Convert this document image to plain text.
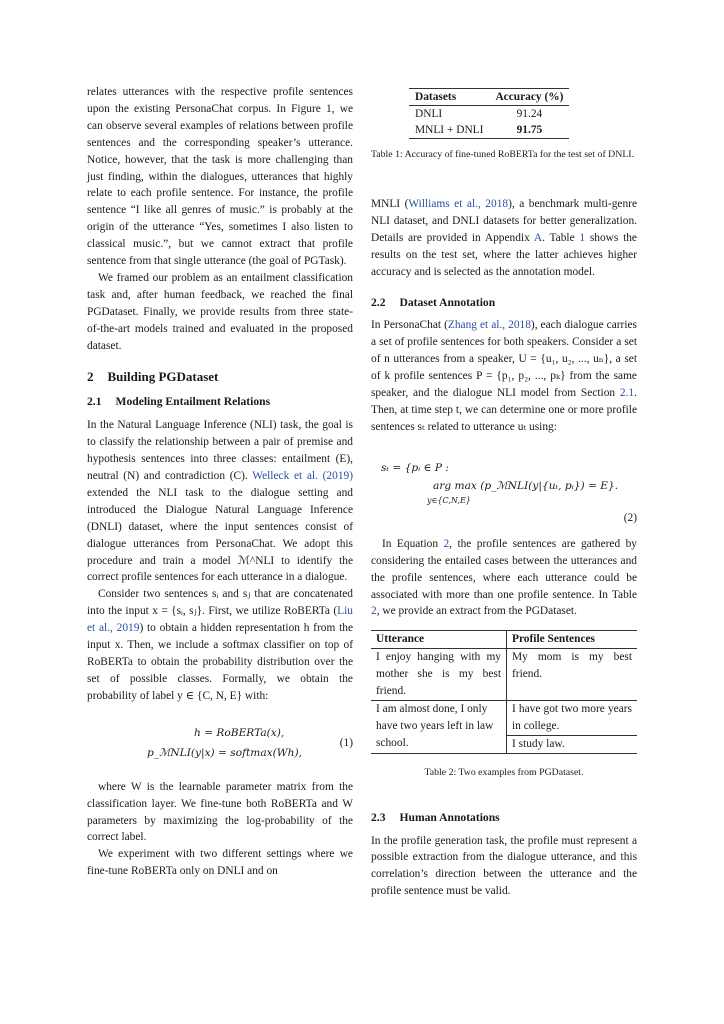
relates utterances with the respective profile sentences upon the existing PersonaChat corpus. In Figure 1, we can observe several examples of relations between profile sentences and the corresponding speaker’s utterance. Notice, however, that the task is more challenging than just finding, within the dialogues, utterances that highly relate to each profile sentence. For instance, the profile sentence “I like all genres of music.” is probably at the origin of the utterance “Yes, sometimes I also listen to classical music.”, but we cannot extract that profile sentence from that single utterance (the goal of PGTask).

We framed our problem as an entailment classification task and, after human feedback, we reached the final PGDataset. Finally, we provide results from three state-of-the-art models trained and evaluated in the proposed dataset.

2 Building PGDataset
2.1 Modeling Entailment Relations

In the Natural Language Inference (NLI) task, the goal is to classify the relationship between a pair of premise and hypothesis sentences into three classes: entailment (E), neutral (N) and contradiction (C). Welleck et al. (2019) extended the NLI task to the dialogue setting and introduced the Dialogue Natural Language Inference (DNLI) dataset, where the input sentences consist of dialogue utterances from PersonaChat. We adopt this procedure and train a model ℳ^NLI to identify the correct profile sentences for each utterance in a dialogue.

Consider two sentences sᵢ and sⱼ that are concatenated into the input x = {sᵢ, sⱼ}. First, we utilize RoBERTa (Liu et al., 2019) to obtain a hidden representation h from the input x. Then, we include a softmax classifier on top of RoBERTa to obtain the probability distribution over the set of possible classes. Formally, we obtain the probability of label y ∈ {C, N, E} with:

h = RoBERTa(x),
p_ℳNLI(y|x) = softmax(Wh),
(1)

where W is the learnable parameter matrix from the classification layer. We fine-tune both RoBERTa and W parameters by maximizing the log-probability of the correct label.

We experiment with two different settings where we fine-tune RoBERTa only on DNLI and on

Datasets	Accuracy (%)
DNLI	91.24
MNLI + DNLI	91.75
Table 1: Accuracy of fine-tuned RoBERTa for the test set of DNLI.

MNLI (Williams et al., 2018), a benchmark multi-genre NLI dataset, and DNLI datasets for better generalization. Details are provided in Appendix A. Table 1 shows the results on the test set, where the latter achieves higher accuracy and is selected as the annotation model.

2.2 Dataset Annotation

In PersonaChat (Zhang et al., 2018), each dialogue carries a set of profile sentences for both speakers. Consider a set of n utterances from a speaker, U = {u₁, u₂, ..., uₙ}, a set of k profile sentences P = {p₁, p₂, ..., pₖ} from the same speaker, and the dialogue NLI model from Section 2.1. Then, at time step t, we can determine one or more profile sentences sₜ related to utterance uₜ using:

sₜ = {pᵢ ∈ P :
arg max (p_ℳNLI(y|{uₜ, pᵢ}) = E}.
y∈{C,N,E}
(2)

In Equation 2, the profile sentences are gathered by considering the entailed cases between the utterances and the profile sentences, where each utterance could be associated with more than one profile sentence. In Table 2, we provide an extract from the PGDataset.

Utterance	Profile Sentences
I enjoy hanging with my mother she is my best friend.	My mom is my best friend.
I am almost done, I only have two years left in law school.	I have got two more years in college.
I study law.
Table 2: Two examples from PGDataset.
2.3 Human Annotations

In the profile generation task, the profile must represent a possible extraction from the dialogue utterance, and this correlation’s direction between the utterance and the profile sentence must be valid.
